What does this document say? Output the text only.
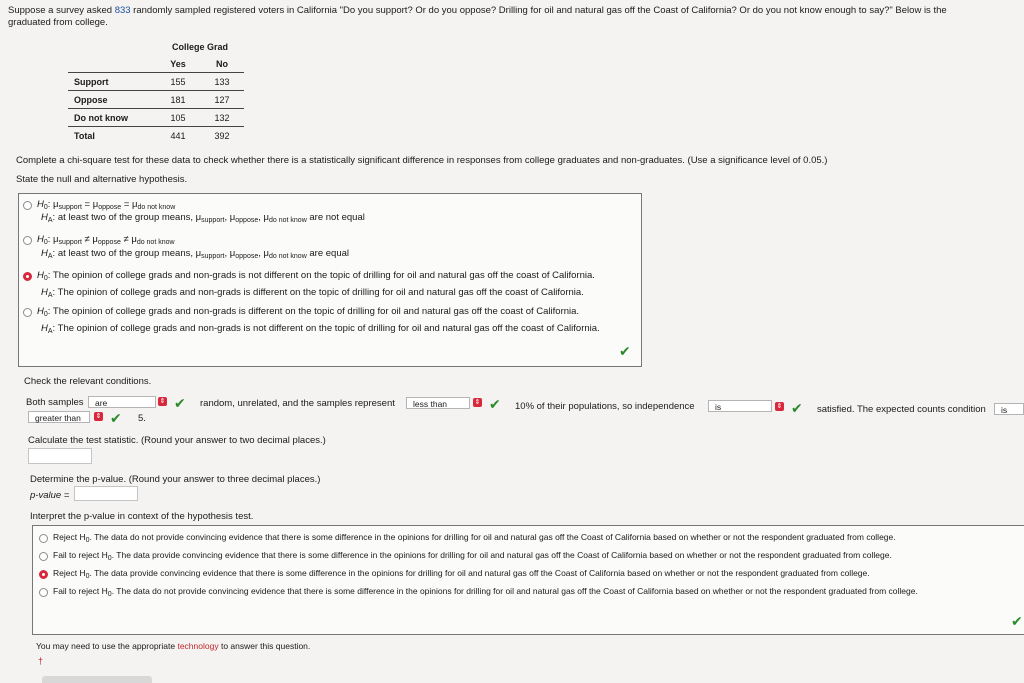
Suppose a survey asked 833 randomly sampled registered voters in California "Do you support? Or do you oppose? Drilling for oil and natural gas off the Coast of California? Or do you not know enough to say?" Below is the
graduated from college.
	College Grad	
	Yes	No
Support	155	133
Oppose	181	127
Do not know	105	132
Total	441	392
Complete a chi-square test for these data to check whether there is a statistically significant difference in responses from college graduates and non-graduates. (Use a significance level of 0.05.)
State the null and alternative hypothesis.
$H_0$: $\mu_{support} = \mu_{oppose} = \mu_{do not know}$
$H_A$: at least two of the group means, $\mu_{support}$, $\mu_{oppose}$, $\mu_{do not know}$ are not equal
$H_0$: $\mu_{support} \ne \mu_{oppose} \ne \mu_{do not know}$
$H_A$: at least two of the group means, $\mu_{support}$, $\mu_{oppose}$, $\mu_{do not know}$ are equal
$H_0$: The opinion of college grads and non-grads is not different on the topic of drilling for oil and natural gas off the coast of California.
$H_A$: The opinion of college grads and non-grads is different on the topic of drilling for oil and natural gas off the coast of California.
$H_0$: The opinion of college grads and non-grads is different on the topic of drilling for oil and natural gas off the coast of California.
$H_A$: The opinion of college grads and non-grads is not different on the topic of drilling for oil and natural gas off the coast of California.
✔
Check the relevant conditions.
Both samples	are	⇕ ✔ random, unrelated, and the samples represent	less than	⇕ ✔ 10% of their populations, so independence	is	⇕ ✔ satisfied. The expected counts condition	is
greater than	⇕ ✔ 5.
Calculate the test statistic. (Round your answer to two decimal places.)
Determine the p-value. (Round your answer to three decimal places.)
p-value =
Interpret the p-value in context of the hypothesis test.
Reject $H_0$. The data do not provide convincing evidence that there is some difference in the opinions for drilling for oil and natural gas off the Coast of California based on whether or not the respondent graduated from college.
Fail to reject $H_0$. The data provide convincing evidence that there is some difference in the opinions for drilling for oil and natural gas off the Coast of California based on whether or not the respondent graduated from college.
Reject $H_0$. The data provide convincing evidence that there is some difference in the opinions for drilling for oil and natural gas off the Coast of California based on whether or not the respondent graduated from college.
Fail to reject $H_0$. The data do not provide convincing evidence that there is some difference in the opinions for drilling for oil and natural gas off the Coast of California based on whether or not the respondent graduated from college.
✔
You may need to use the appropriate technology to answer this question.
†
